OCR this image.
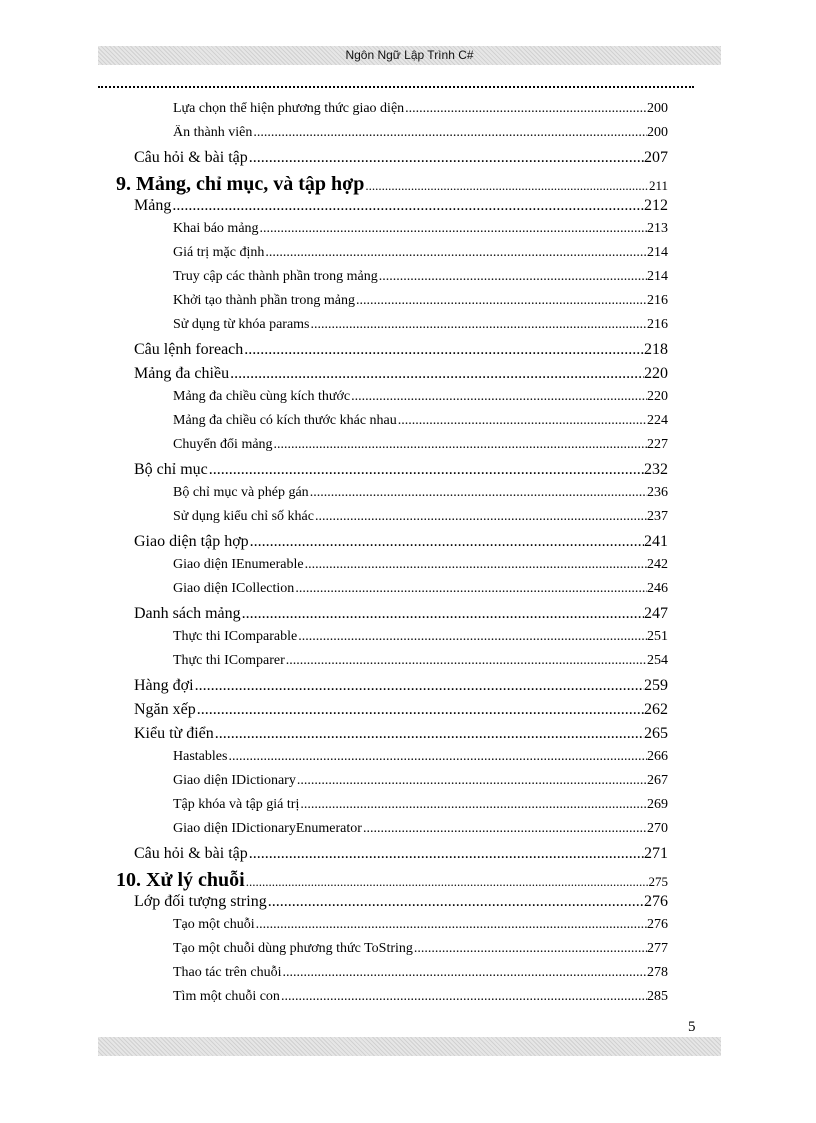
Ngôn Ngữ Lập Trình C#
Lựa chọn thể hiện phương thức giao diện .....	200
Ẩn thành viên .....	200
Câu hỏi & bài tập .....	207
9. Mảng, chỉ mục, và tập hợp .....	211
Mảng .....	212
Khai báo mảng .....	213
Giá trị mặc định .....	214
Truy cập các thành phần trong mảng .....	214
Khởi tạo thành phần trong mảng .....	216
Sử dụng từ khóa params .....	216
Câu lệnh foreach .....	218
Mảng đa chiều .....	220
Mảng đa chiều cùng kích thước .....	220
Mảng đa chiều có kích thước khác nhau .....	224
Chuyển đổi mảng .....	227
Bộ chỉ mục .....	232
Bộ chỉ mục và phép gán .....	236
Sử dụng kiểu chỉ số khác .....	237
Giao diện tập hợp .....	241
Giao diện IEnumerable .....	242
Giao diện ICollection .....	246
Danh sách mảng .....	247
Thực thi IComparable .....	251
Thực thi IComparer .....	254
Hàng đợi .....	259
Ngăn xếp .....	262
Kiểu từ điển .....	265
Hastables .....	266
Giao diện IDictionary .....	267
Tập khóa và tập giá trị .....	269
Giao diện IDictionaryEnumerator .....	270
Câu hỏi & bài tập .....	271
10. Xử lý chuỗi .....	275
Lớp đối tượng string .....	276
Tạo một chuỗi .....	276
Tạo một chuỗi dùng phương thức ToString .....	277
Thao tác trên chuỗi .....	278
Tìm một chuỗi con .....	285
5
